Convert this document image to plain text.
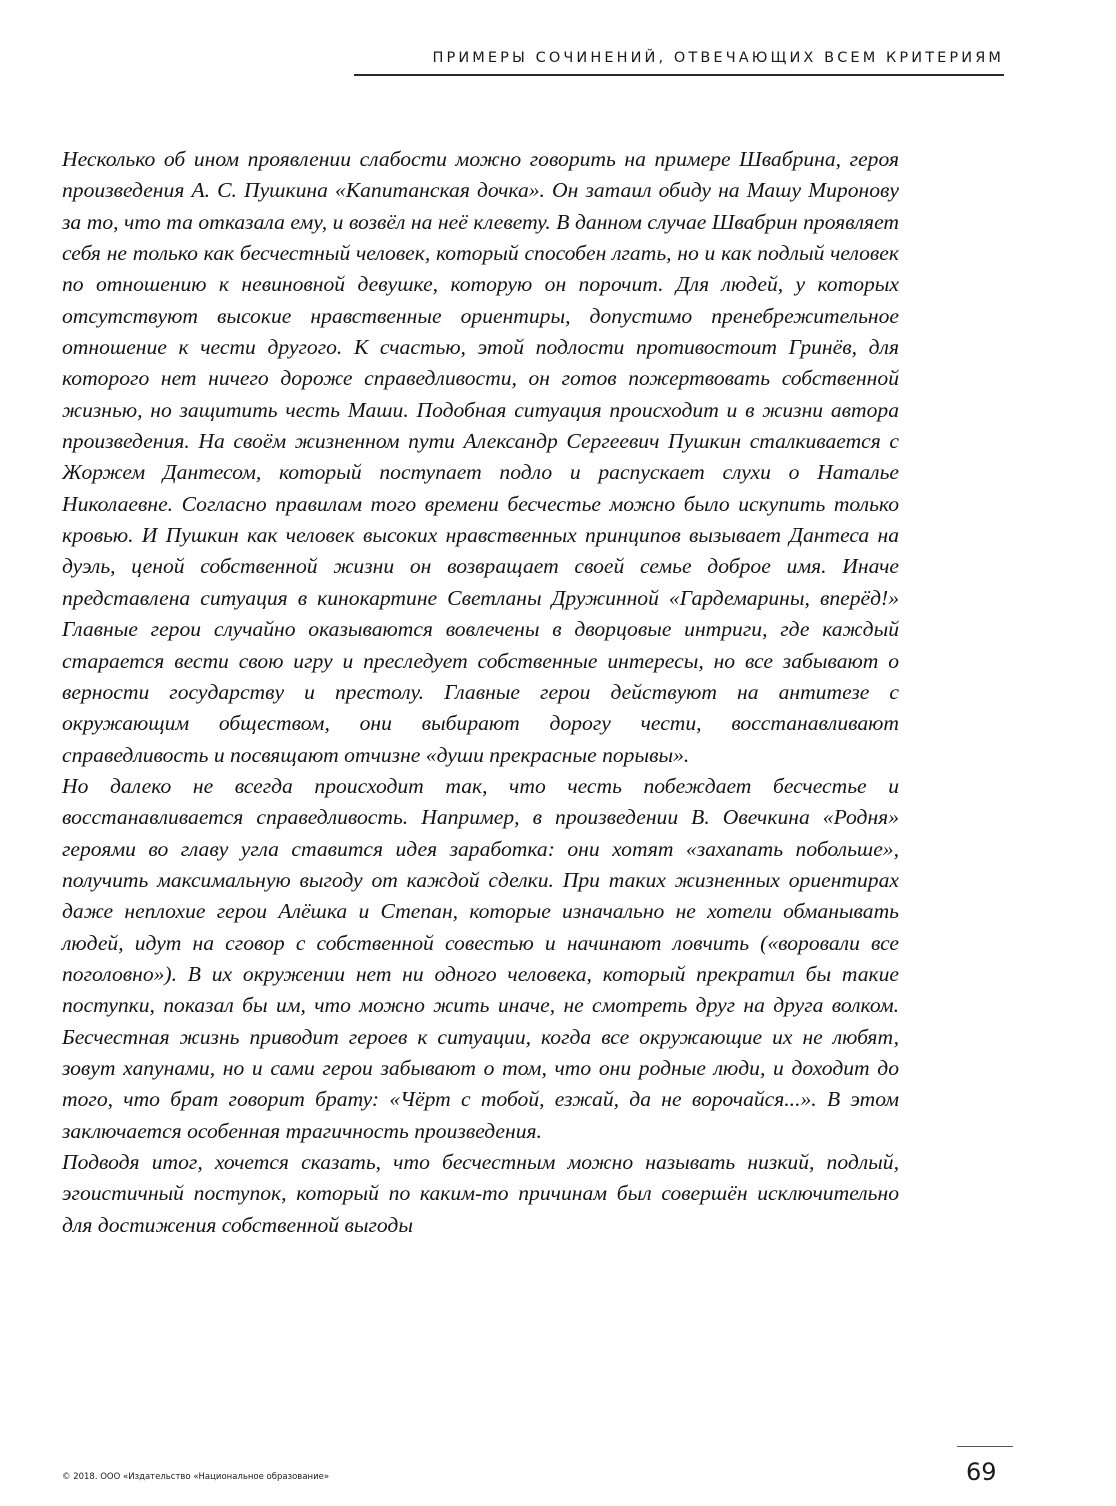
ПРИМЕРЫ СОЧИНЕНИЙ, ОТВЕЧАЮЩИХ ВСЕМ КРИТЕРИЯМ

Несколько об ином проявлении слабости можно говорить на примере Швабрина, героя произведения А. С. Пушкина «Капитанская дочка». Он затаил обиду на Машу Миронову за то, что та отказала ему, и возвёл на неё клевету. В данном случае Швабрин проявляет себя не только как бесчестный человек, который способен лгать, но и как подлый человек по отношению к невиновной девушке, которую он порочит. Для людей, у которых отсутствуют высокие нравственные ориентиры, допустимо пренебрежительное отношение к чести другого. К счастью, этой подлости противостоит Гринёв, для которого нет ничего дороже справедливости, он готов пожертвовать собственной жизнью, но защитить честь Маши. Подобная ситуация происходит и в жизни автора произведения. На своём жизненном пути Александр Сергеевич Пушкин сталкивается с Жоржем Дантесом, который поступает подло и распускает слухи о Наталье Николаевне. Согласно правилам того времени бесчестье можно было искупить только кровью. И Пушкин как человек высоких нравственных принципов вызывает Дантеса на дуэль, ценой собственной жизни он возвращает своей семье доброе имя. Иначе представлена ситуация в кинокартине Светланы Дружинной «Гардемарины, вперёд!» Главные герои случайно оказываются вовлечены в дворцовые интриги, где каждый старается вести свою игру и преследует собственные интересы, но все забывают о верности государству и престолу. Главные герои действуют на антитезе с окружающим обществом, они выбирают дорогу чести, восстанавливают справедливость и посвящают отчизне «души прекрасные порывы».

Но далеко не всегда происходит так, что честь побеждает бесчестье и восстанавливается справедливость. Например, в произведении В. Овечкина «Родня» героями во главу угла ставится идея заработка: они хотят «захапать побольше», получить максимальную выгоду от каждой сделки. При таких жизненных ориентирах даже неплохие герои Алёшка и Степан, которые изначально не хотели обманывать людей, идут на сговор с собственной совестью и начинают ловчить («воровали все поголовно»). В их окружении нет ни одного человека, который прекратил бы такие поступки, показал бы им, что можно жить иначе, не смотреть друг на друга волком. Бесчестная жизнь приводит героев к ситуации, когда все окружающие их не любят, зовут хапунами, но и сами герои забывают о том, что они родные люди, и доходит до того, что брат говорит брату: «Чёрт с тобой, езжай, да не ворочайся...». В этом заключается особенная трагичность произведения.

Подводя итог, хочется сказать, что бесчестным можно называть низкий, подлый, эгоистичный поступок, который по каким-то причинам был совершён исключительно для достижения собственной выгоды

© 2018. ООО «Издательство «Национальное образование»	69
